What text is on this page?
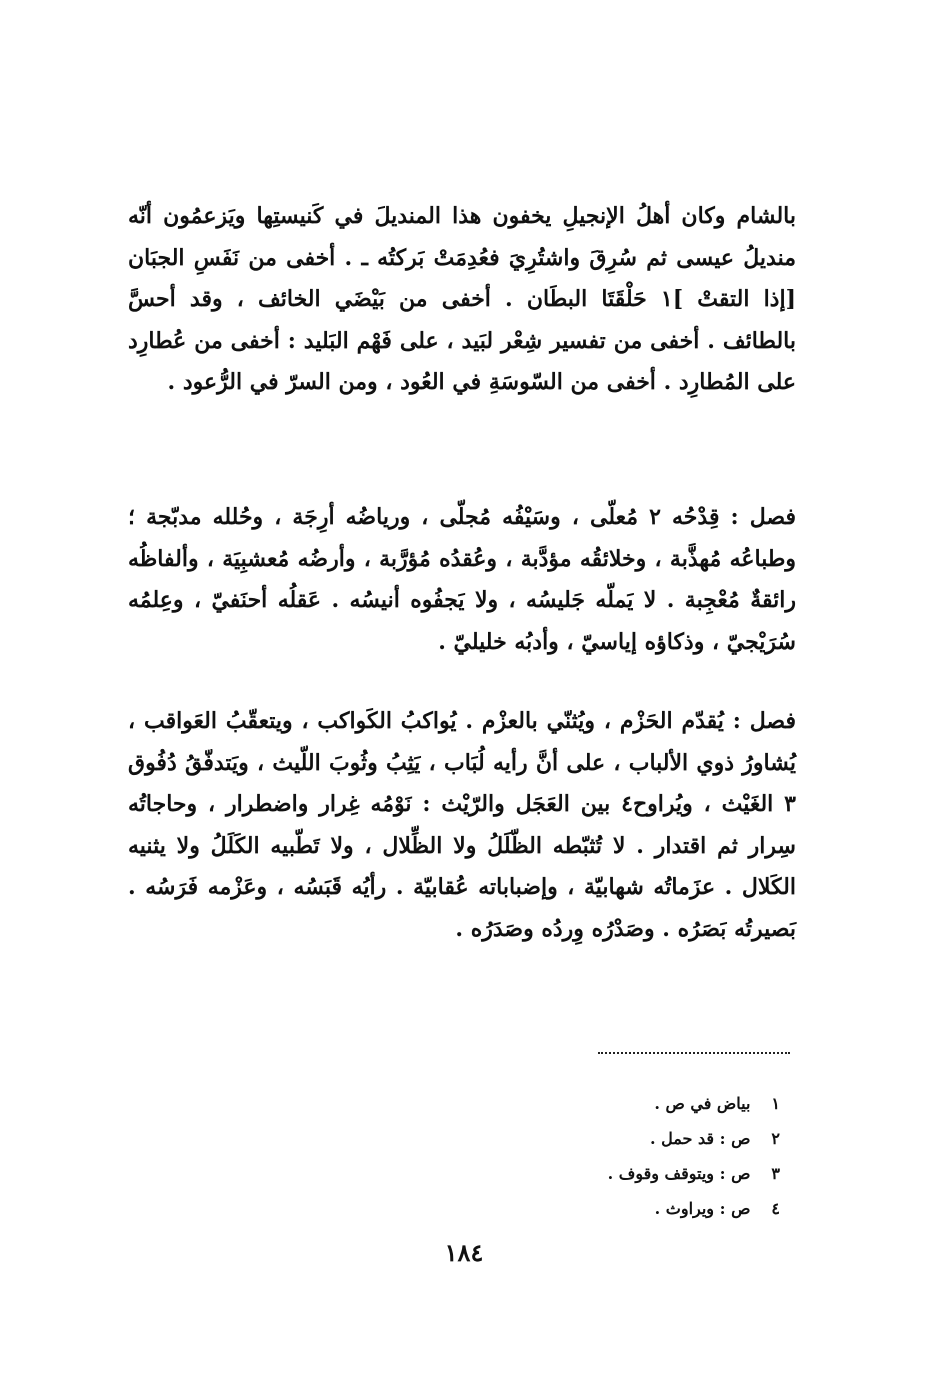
بالشام وكان أهلُ الإنجيلِ يخفون هذا المنديلَ في كَنيستِها ويَزعمُون أنّه منديلُ عيسى ثم سُرِقَ واشتُرِيَ فعُدِمَتْ بَركتُه ـ . أخفى من نَفَسِ الجبَان [إذا التقتْ ]١ حَلْقَتَا البطَان . أخفى من بَيْضَي الخائف ، وقد أحسَّ بالطائف . أخفى من تفسير شِعْر لبَيد ، على فَهْم البَليد : أخفى من عُطارِد على المُطارِد . أخفى من السّوسَةِ في العُود ، ومن السرّ في الرُّعود .

فصل : قِدْحُه ٢ مُعلّى ، وسَيْفُه مُجلّى ، ورياضُه أرِجَة ، وحُلله مدبّجة ؛ وطباعُه مُهذَّبة ، وخلائقُه مؤدَّبة ، وعُقدُه مُؤرَّبة ، وأرضُه مُعشبِيَة ، وألفاظُه رائقةٌ مُعْجِبة . لا يَملّه جَليسُه ، ولا يَجفُوه أنيسُه . عَقلُه أحنَفيّ ، وعِلمُه سُرَيْجيّ ، وذكاؤه إياسيّ ، وأدبُه خليليّ .

فصل : يُقدّم الحَزْم ، ويُثنّي بالعزْم . يُواكبُ الكَواكب ، ويتعقّبُ العَواقب ، يُشاورُ ذوي الألباب ، على أنَّ رأيه لُبَاب ، يَثِبُ وثُوبَ اللّيث ، ويَتدفّقُ دُفُوق ٣ الغَيْث ، ويُراوح٤ بين العَجَل والرّيْث : نَوْمُه غِرار واضطرار ، وحاجاتُه سِرار ثم اقتدار . لا تُثبّطه الظّلَلُ ولا الظِّلال ، ولا تَطّبيه الكَلَلُ ولا يثنيه الكَلال . عزَماتُه شهابيّة ، وإضباباته عُقابيّة . رأيُه قَبَسُه ، وعَزْمه فَرَسُه . بَصيرتُه بَصَرُه . وصَدْرُه وِردُه وصَدَرُه .

١ بياض في ص .
٢ ص : قد حمل .
٣ ص : ويتوقف وقوف .
٤ ص : ويراوث .
١٨٤
